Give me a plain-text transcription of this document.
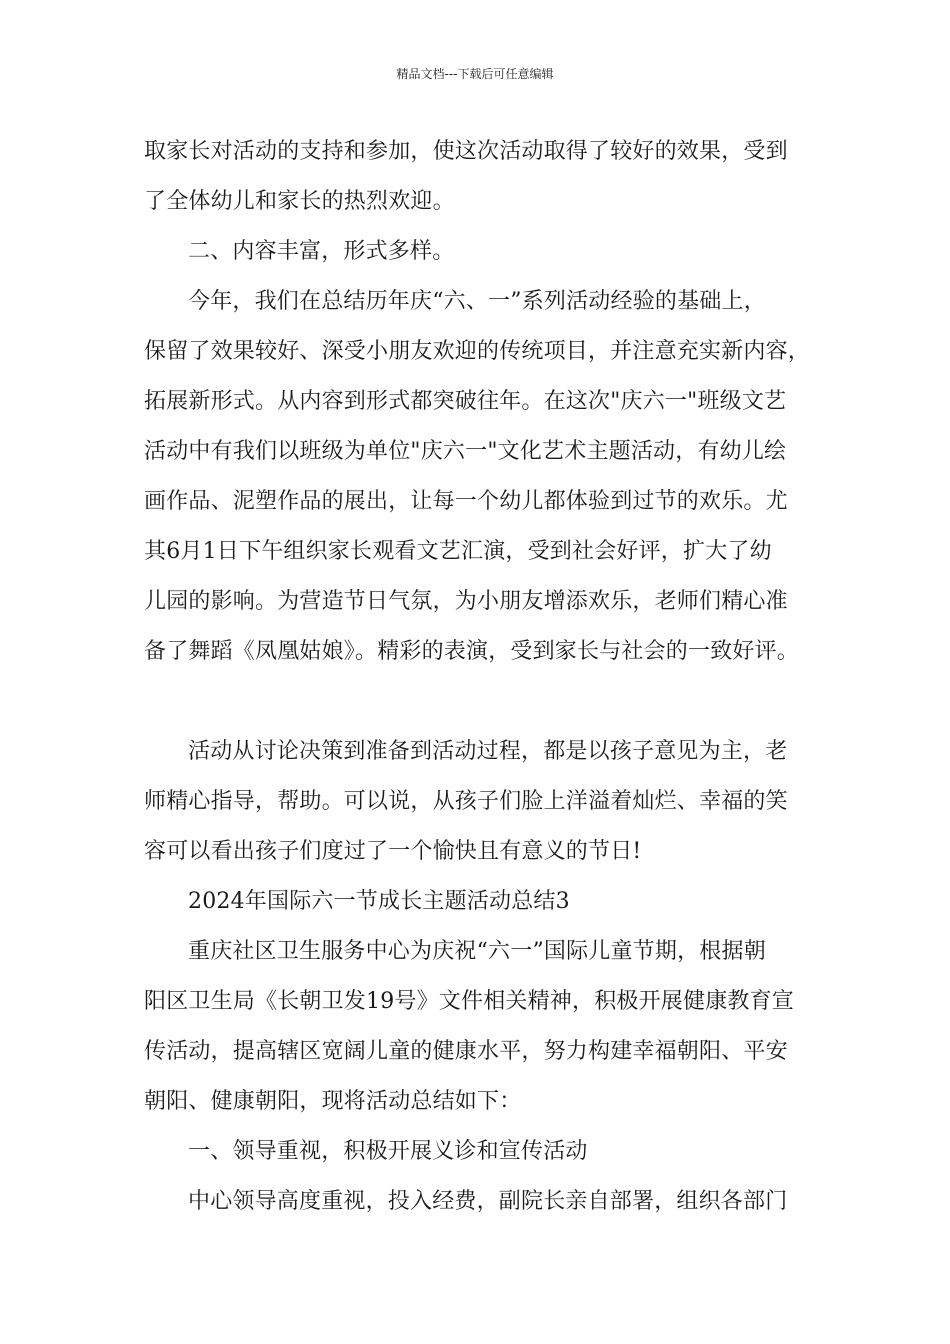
精品文档---下载后可任意编辑
取家长对活动的支持和参加，使这次活动取得了较好的效果，受到
了全体幼儿和家长的热烈欢迎。
二、内容丰富，形式多样。
今年，我们在总结历年庆“六、一”系列活动经验的基础上，
保留了效果较好、深受小朋友欢迎的传统项目，并注意充实新内容，
拓展新形式。从内容到形式都突破往年。在这次"庆六一"班级文艺
活动中有我们以班级为单位"庆六一"文化艺术主题活动，有幼儿绘
画作品、泥塑作品的展出，让每一个幼儿都体验到过节的欢乐。尤
其6月1日下午组织家长观看文艺汇演，受到社会好评，扩大了幼
儿园的影响。为营造节日气氛，为小朋友增添欢乐，老师们精心准
备了舞蹈《凤凰姑娘》。精彩的表演，受到家长与社会的一致好评。
活动从讨论决策到准备到活动过程，都是以孩子意见为主，老
师精心指导，帮助。可以说，从孩子们脸上洋溢着灿烂、幸福的笑
容可以看出孩子们度过了一个愉快且有意义的节日!
2024年国际六一节成长主题活动总结3
重庆社区卫生服务中心为庆祝“六一”国际儿童节期，根据朝
阳区卫生局《长朝卫发19号》文件相关精神，积极开展健康教育宣
传活动，提高辖区宽阔儿童的健康水平，努力构建幸福朝阳、平安
朝阳、健康朝阳，现将活动总结如下：
一、领导重视，积极开展义诊和宣传活动
中心领导高度重视，投入经费，副院长亲自部署，组织各部门
